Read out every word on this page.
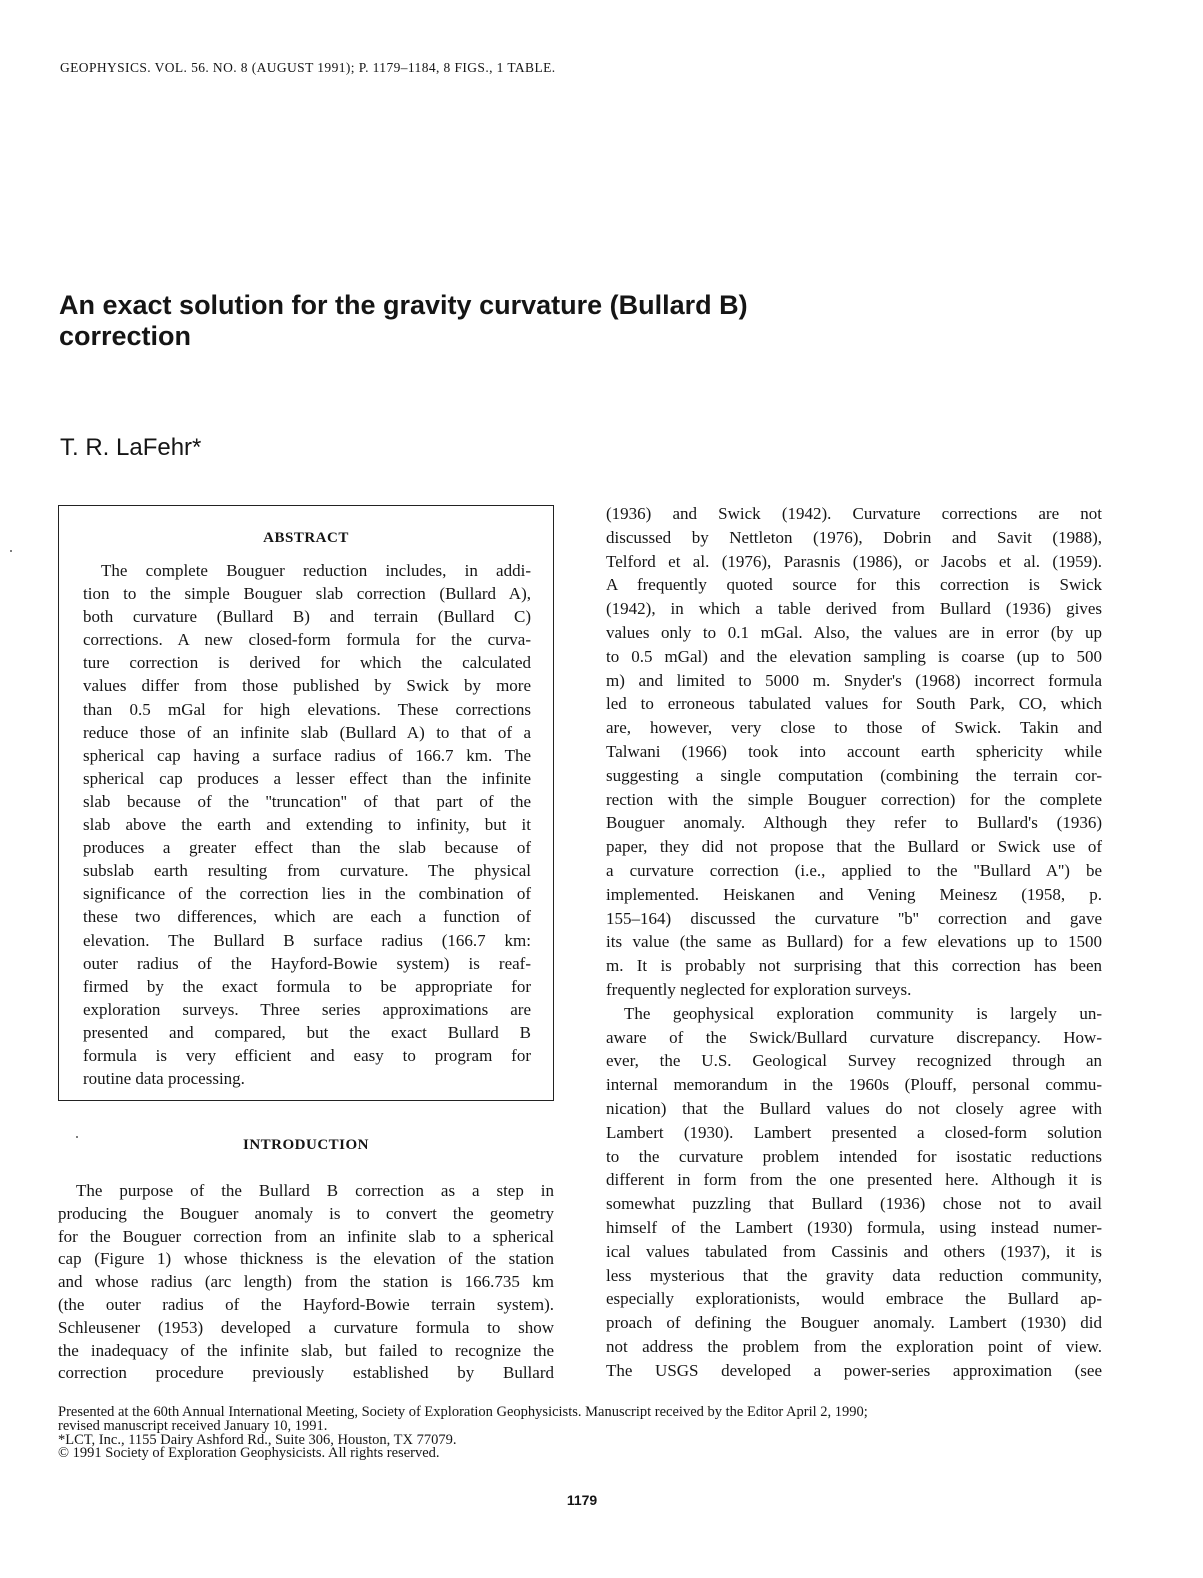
GEOPHYSICS. VOL. 56. NO. 8 (AUGUST 1991); P. 1179–1184, 8 FIGS., 1 TABLE.
An exact solution for the gravity curvature (Bullard B)
correction
T. R. LaFehr*
ABSTRACT
The complete Bouguer reduction includes, in addi-
tion to the simple Bouguer slab correction (Bullard A),
both curvature (Bullard B) and terrain (Bullard C)
corrections. A new closed-form formula for the curva-
ture correction is derived for which the calculated
values differ from those published by Swick by more
than 0.5 mGal for high elevations. These corrections
reduce those of an infinite slab (Bullard A) to that of a
spherical cap having a surface radius of 166.7 km. The
spherical cap produces a lesser effect than the infinite
slab because of the ''truncation'' of that part of the
slab above the earth and extending to infinity, but it
produces a greater effect than the slab because of
subslab earth resulting from curvature. The physical
significance of the correction lies in the combination of
these two differences, which are each a function of
elevation. The Bullard B surface radius (166.7 km:
outer radius of the Hayford-Bowie system) is reaf-
firmed by the exact formula to be appropriate for
exploration surveys. Three series approximations are
presented and compared, but the exact Bullard B
formula is very efficient and easy to program for
routine data processing.
INTRODUCTION
The purpose of the Bullard B correction as a step in
producing the Bouguer anomaly is to convert the geometry
for the Bouguer correction from an infinite slab to a spherical
cap (Figure 1) whose thickness is the elevation of the station
and whose radius (arc length) from the station is 166.735 km
(the outer radius of the Hayford-Bowie terrain system).
Schleusener (1953) developed a curvature formula to show
the inadequacy of the infinite slab, but failed to recognize the
correction procedure previously established by Bullard
(1936) and Swick (1942). Curvature corrections are not
discussed by Nettleton (1976), Dobrin and Savit (1988),
Telford et al. (1976), Parasnis (1986), or Jacobs et al. (1959).
A frequently quoted source for this correction is Swick
(1942), in which a table derived from Bullard (1936) gives
values only to 0.1 mGal. Also, the values are in error (by up
to 0.5 mGal) and the elevation sampling is coarse (up to 500
m) and limited to 5000 m. Snyder's (1968) incorrect formula
led to erroneous tabulated values for South Park, CO, which
are, however, very close to those of Swick. Takin and
Talwani (1966) took into account earth sphericity while
suggesting a single computation (combining the terrain cor-
rection with the simple Bouguer correction) for the complete
Bouguer anomaly. Although they refer to Bullard's (1936)
paper, they did not propose that the Bullard or Swick use of
a curvature correction (i.e., applied to the ''Bullard A'') be
implemented. Heiskanen and Vening Meinesz (1958, p.
155–164) discussed the curvature ''b'' correction and gave
its value (the same as Bullard) for a few elevations up to 1500
m. It is probably not surprising that this correction has been
frequently neglected for exploration surveys.
The geophysical exploration community is largely un-
aware of the Swick/Bullard curvature discrepancy. How-
ever, the U.S. Geological Survey recognized through an
internal memorandum in the 1960s (Plouff, personal commu-
nication) that the Bullard values do not closely agree with
Lambert (1930). Lambert presented a closed-form solution
to the curvature problem intended for isostatic reductions
different in form from the one presented here. Although it is
somewhat puzzling that Bullard (1936) chose not to avail
himself of the Lambert (1930) formula, using instead numer-
ical values tabulated from Cassinis and others (1937), it is
less mysterious that the gravity data reduction community,
especially explorationists, would embrace the Bullard ap-
proach of defining the Bouguer anomaly. Lambert (1930) did
not address the problem from the exploration point of view.
The USGS developed a power-series approximation (see
Presented at the 60th Annual International Meeting, Society of Exploration Geophysicists. Manuscript received by the Editor April 2, 1990;
revised manuscript received January 10, 1991.
*LCT, Inc., 1155 Dairy Ashford Rd., Suite 306, Houston, TX 77079.
© 1991 Society of Exploration Geophysicists. All rights reserved.
1179
